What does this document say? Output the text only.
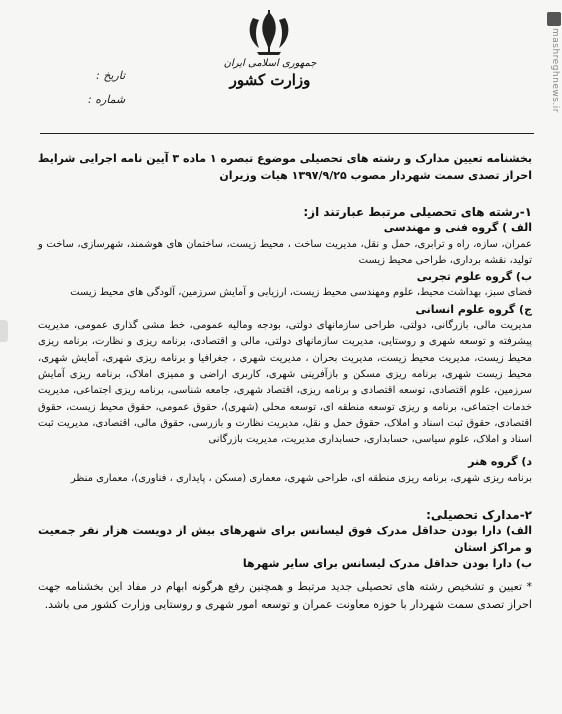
جمهوری اسلامی ایران
وزارت کشور
تاریخ :
شماره :	mashreghnews.ir

بخشنامه تعیین مدارک و رشته های تحصیلی موضوع تبصره ۱ ماده ۳ آیین نامه اجرایی شرایط احراز تصدی سمت شهردار مصوب ۱۳۹۷/۹/۲۵ هیات وزیران

۱-رشته های تحصیلی مرتبط عبارتند از:

الف ) گروه فنی و مهندسی

عمران، سازه، راه و ترابری، حمل و نقل، مدیریت ساخت ، محیط زیست، ساختمان های هوشمند، شهرسازی، ساخت و تولید، نقشه برداری، طراحی محیط زیست

ب) گروه علوم تجربی

فضای سبز، بهداشت محیط، علوم ومهندسی محیط زیست، ارزیابی و آمایش سرزمین، آلودگی های محیط زیست

ج) گروه علوم انسانی

مدیریت مالی، بازرگانی، دولتی، طراحی سازمانهای دولتی، بودجه ومالیه عمومی، خط مشی گذاری عمومی، مدیریت پیشرفته و توسعه شهری و روستایی، مدیریت سازمانهای دولتی، مالی و اقتصادی، برنامه ریزی و نظارت، برنامه ریزی محیط زیست، مدیریت محیط زیست، مدیریت بحران ، مدیریت شهری ، جغرافیا و برنامه ریزی شهری، آمایش شهری، محیط زیست شهری، برنامه ریزی مسکن و بازآفرینی شهری، کاربری اراضی و ممیزی املاک، برنامه ریزی آمایش سرزمین، علوم اقتصادی، توسعه اقتصادی و برنامه ریزی، اقتصاد شهری، جامعه شناسی، برنامه ریزی اجتماعی، مدیریت خدمات اجتماعی، برنامه و ریزی توسعه منطقه ای، توسعه محلی (شهری)، حقوق عمومی، حقوق محیط زیست، حقوق اقتصادی، حقوق ثبت اسناد و املاک، حقوق حمل و نقل، مدیریت نظارت و بازرسی، حقوق مالی، اقتصادی، مدیریت ثبت اسناد و املاک، علوم سیاسی، حسابداری، حسابداری مدیریت، مدیریت بازرگانی

د) گروه هنر

برنامه ریزی شهری، برنامه ریزی منطقه ای، طراحی شهری، معماری (مسکن ، پایداری ، فناوری)، معماری منظر

۲-مدارک تحصیلی:

الف) دارا بودن حداقل مدرک فوق لیسانس برای شهرهای بیش از دویست هزار نفر جمعیت و مراکز استان

ب) دارا بودن حداقل مدرک لیسانس برای سایر شهرها

* تعیین و تشخیص رشته های تحصیلی جدید مرتبط و همچنین رفع هرگونه ابهام در مفاد این بخشنامه جهت احراز تصدی سمت شهردار با حوزه معاونت عمران و توسعه امور شهری و روستایی وزارت کشور می باشد.
